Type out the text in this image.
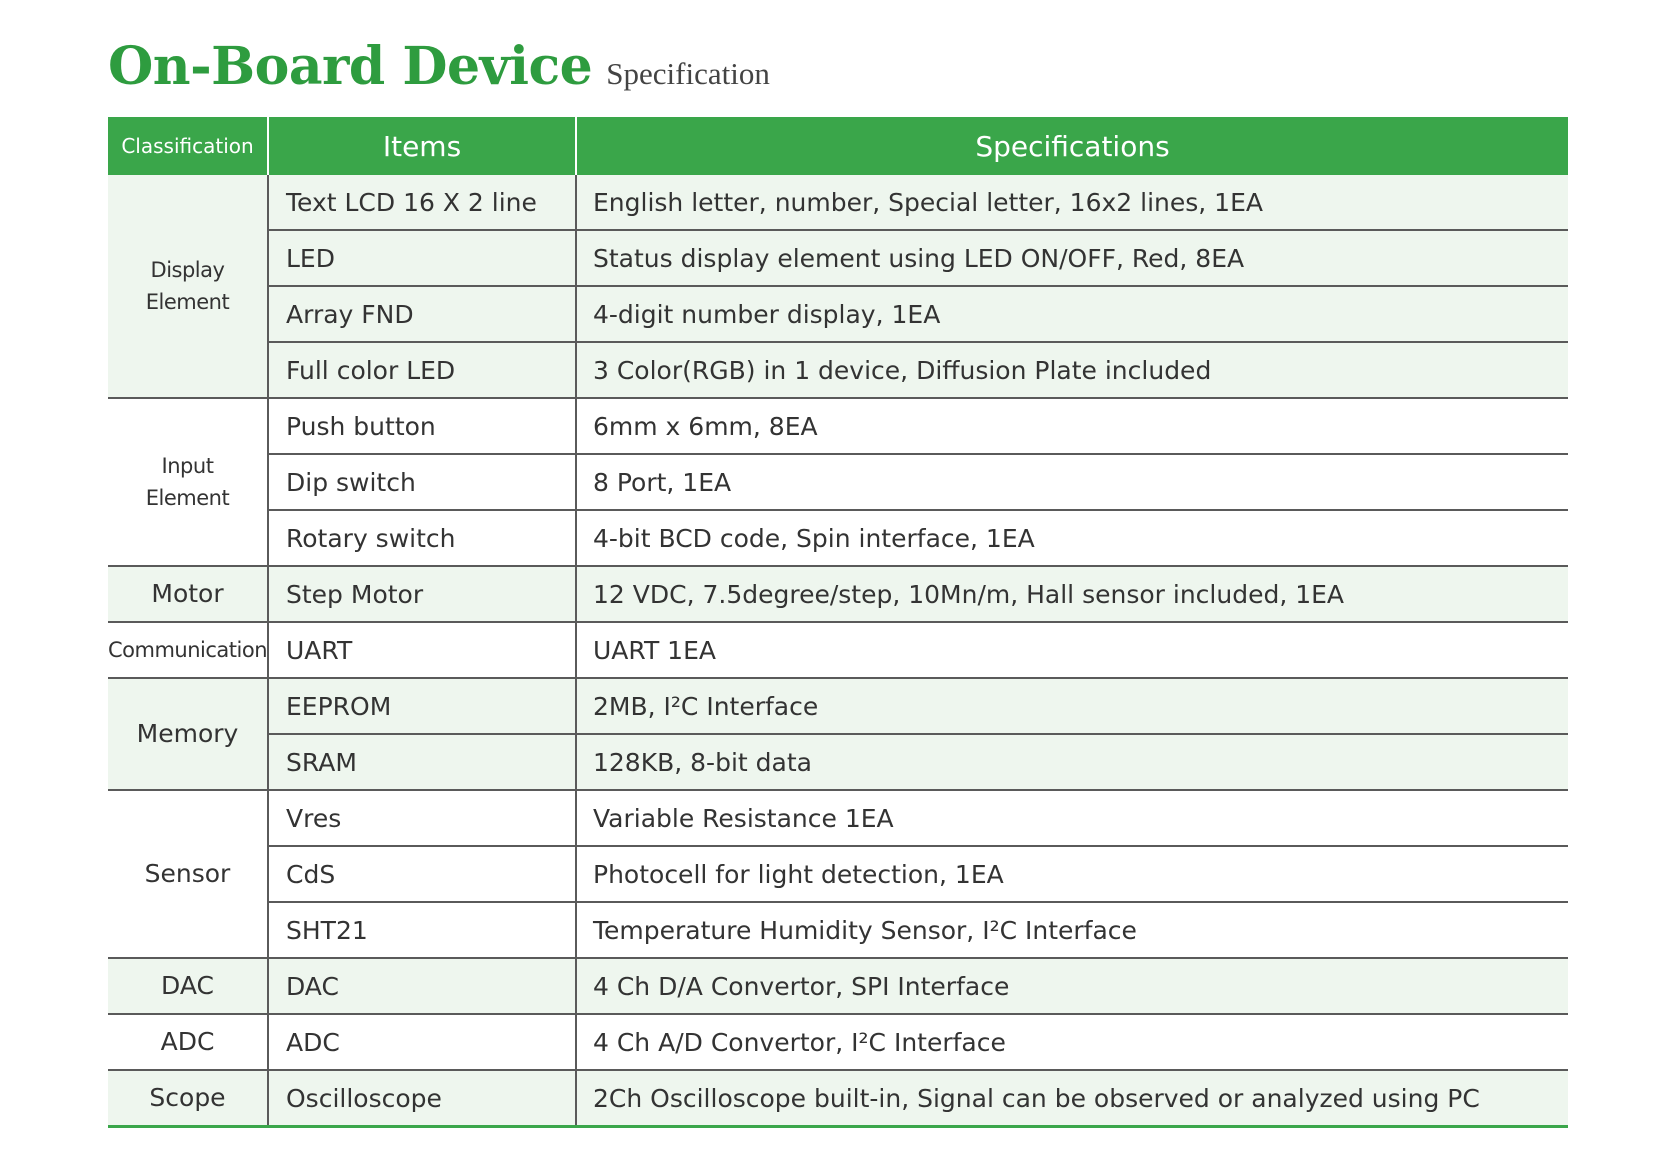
On-Board Device Specification
Classification	Items	Specifications
Display
Element	Text LCD 16 X 2 line	English letter, number, Special letter, 16x2 lines, 1EA
	LED	Status display element using LED ON/OFF, Red, 8EA
	Array FND	4-digit number display, 1EA
	Full color LED	3 Color(RGB) in 1 device, Diffusion Plate included
Input
Element	Push button	6mm x 6mm, 8EA
	Dip switch	8 Port, 1EA
	Rotary switch	4-bit BCD code, Spin interface, 1EA
Motor	Step Motor	12 VDC, 7.5degree/step, 10Mn/m, Hall sensor included, 1EA
Communication	UART	UART 1EA
Memory	EEPROM	2MB, I²C Interface
	SRAM	128KB, 8-bit data
Sensor	Vres	Variable Resistance 1EA
	CdS	Photocell for light detection, 1EA
	SHT21	Temperature Humidity Sensor, I²C Interface
DAC	DAC	4 Ch D/A Convertor, SPI Interface
ADC	ADC	4 Ch A/D Convertor, I²C Interface
Scope	Oscilloscope	2Ch Oscilloscope built-in, Signal can be observed or analyzed using PC
